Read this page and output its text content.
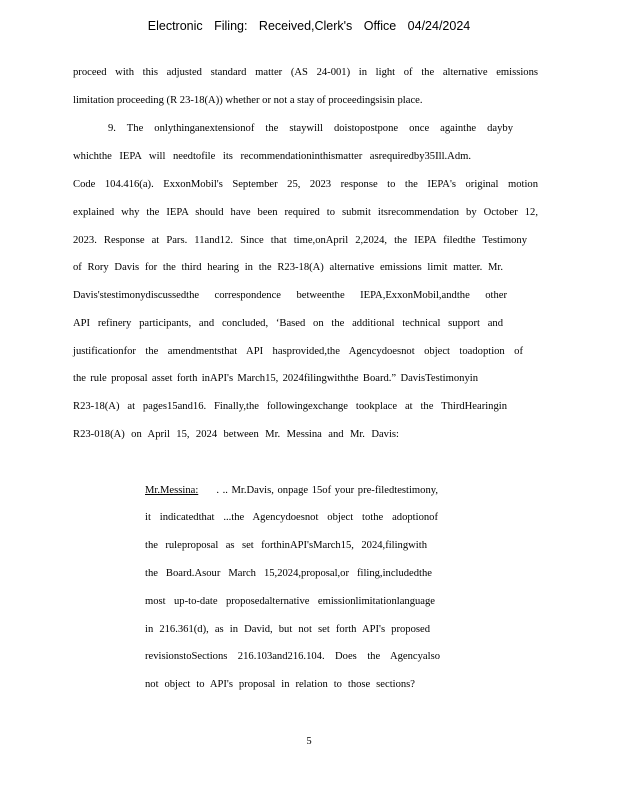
Electronic Filing: Received,Clerk's Office 04/24/2024
proceed with this adjusted standard matter (AS 24-001) in light of the alternative emissions
limitation proceeding (R 23-18(A)) whether or not a stay of proceedingsisin place.
9. The onlythinganextensionof the staywill doistopostpone once againthe dayby
whichthe IEPA will needtofile its recommendationinthismatter asrequiredby35Ill.Adm.
Code 104.416(a). ExxonMobil's September 25, 2023 response to the IEPA's original motion
explained why the IEPA should have been required to submit itsrecommendation by October 12,
2023. Response at Pars. 11and12. Since that time,onApril 2,2024, the IEPA filedthe Testimony
of Rory Davis for the third hearing in the R23-18(A) alternative emissions limit matter. Mr.
Davis'stestimonydiscussedthe correspondence betweenthe IEPA,ExxonMobil,andthe other
API refinery participants, and concluded, ‘Based on the additional technical support and
justificationfor the amendmentsthat API hasprovided,the Agencydoesnot object toadoption of
the rule proposal asset forth inAPI's March15, 2024filingwiththe Board.” DavisTestimonyin
R23-18(A) at pages15and16. Finally,the followingexchange tookplace at the ThirdHearingin
R23-018(A) on April 15, 2024 between Mr. Messina and Mr. Davis:
Mr.Messina: . .. Mr.Davis, onpage 15of your pre-filedtestimony,
it indicatedthat ...the Agencydoesnot object tothe adoptionof
the ruleproposal as set forthinAPI'sMarch15, 2024,filingwith
the Board.Asour March 15,2024,proposal,or filing,includedthe
most up-to-date proposedalternative emissionlimitationlanguage
in 216.361(d), as in David, but not set forth API's proposed
revisionstoSections 216.103and216.104. Does the Agencyalso
not object to API's proposal in relation to those sections?
5
